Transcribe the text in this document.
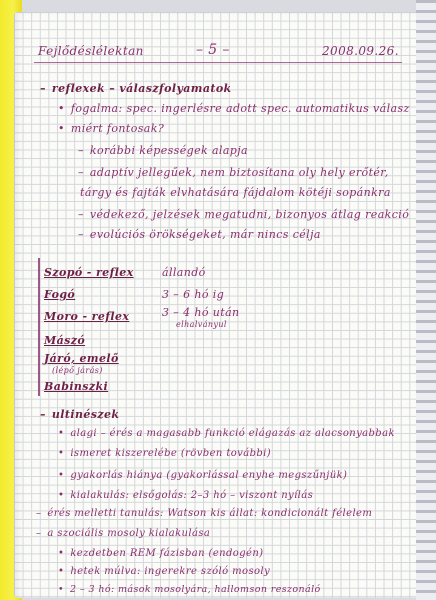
Fejlődéslélektan	– 5 –	2008.09.26.
– reflexek – válaszfolyamatok
• fogalma: spec. ingerlésre adott spec. automatikus válasz
• miért fontosak?
– korábbi képességek alapja
– adaptív jellegűek, nem biztosítana oly hely erőtér,
tárgy és fajták elvhatására fájdalom kötéji sopánkra
– védekező, jelzések megatudni, bizonyos átlag reakció
– evolúciós örökségeket, már nincs célja
Szopó - reflex	állandó
Fogó	3 – 6 hó ig
Moro - reflex	3 – 4 hó után
elhalványul
Mászó
Járó, emelő
(lépő járás)
Babinszki
– ultinészek
• alagi – érés a magasabb funkció elágazás az alacsonyabbak
• ismeret kiszerelébe (rövben további)
• gyakorlás hiánya (gyakorlással enyhe megszűnjük)
• kialakulás: elsőgolás: 2–3 hó – viszont nyílás
– érés melletti tanulás: Watson kis állat: kondicionált félelem
– a szociális mosoly kialakulása
• kezdetben REM fázisban (endogén)
• hetek múlva: ingerekre szóló mosoly
• 2 – 3 hó: mások mosolyára, hallomson reszonáló
